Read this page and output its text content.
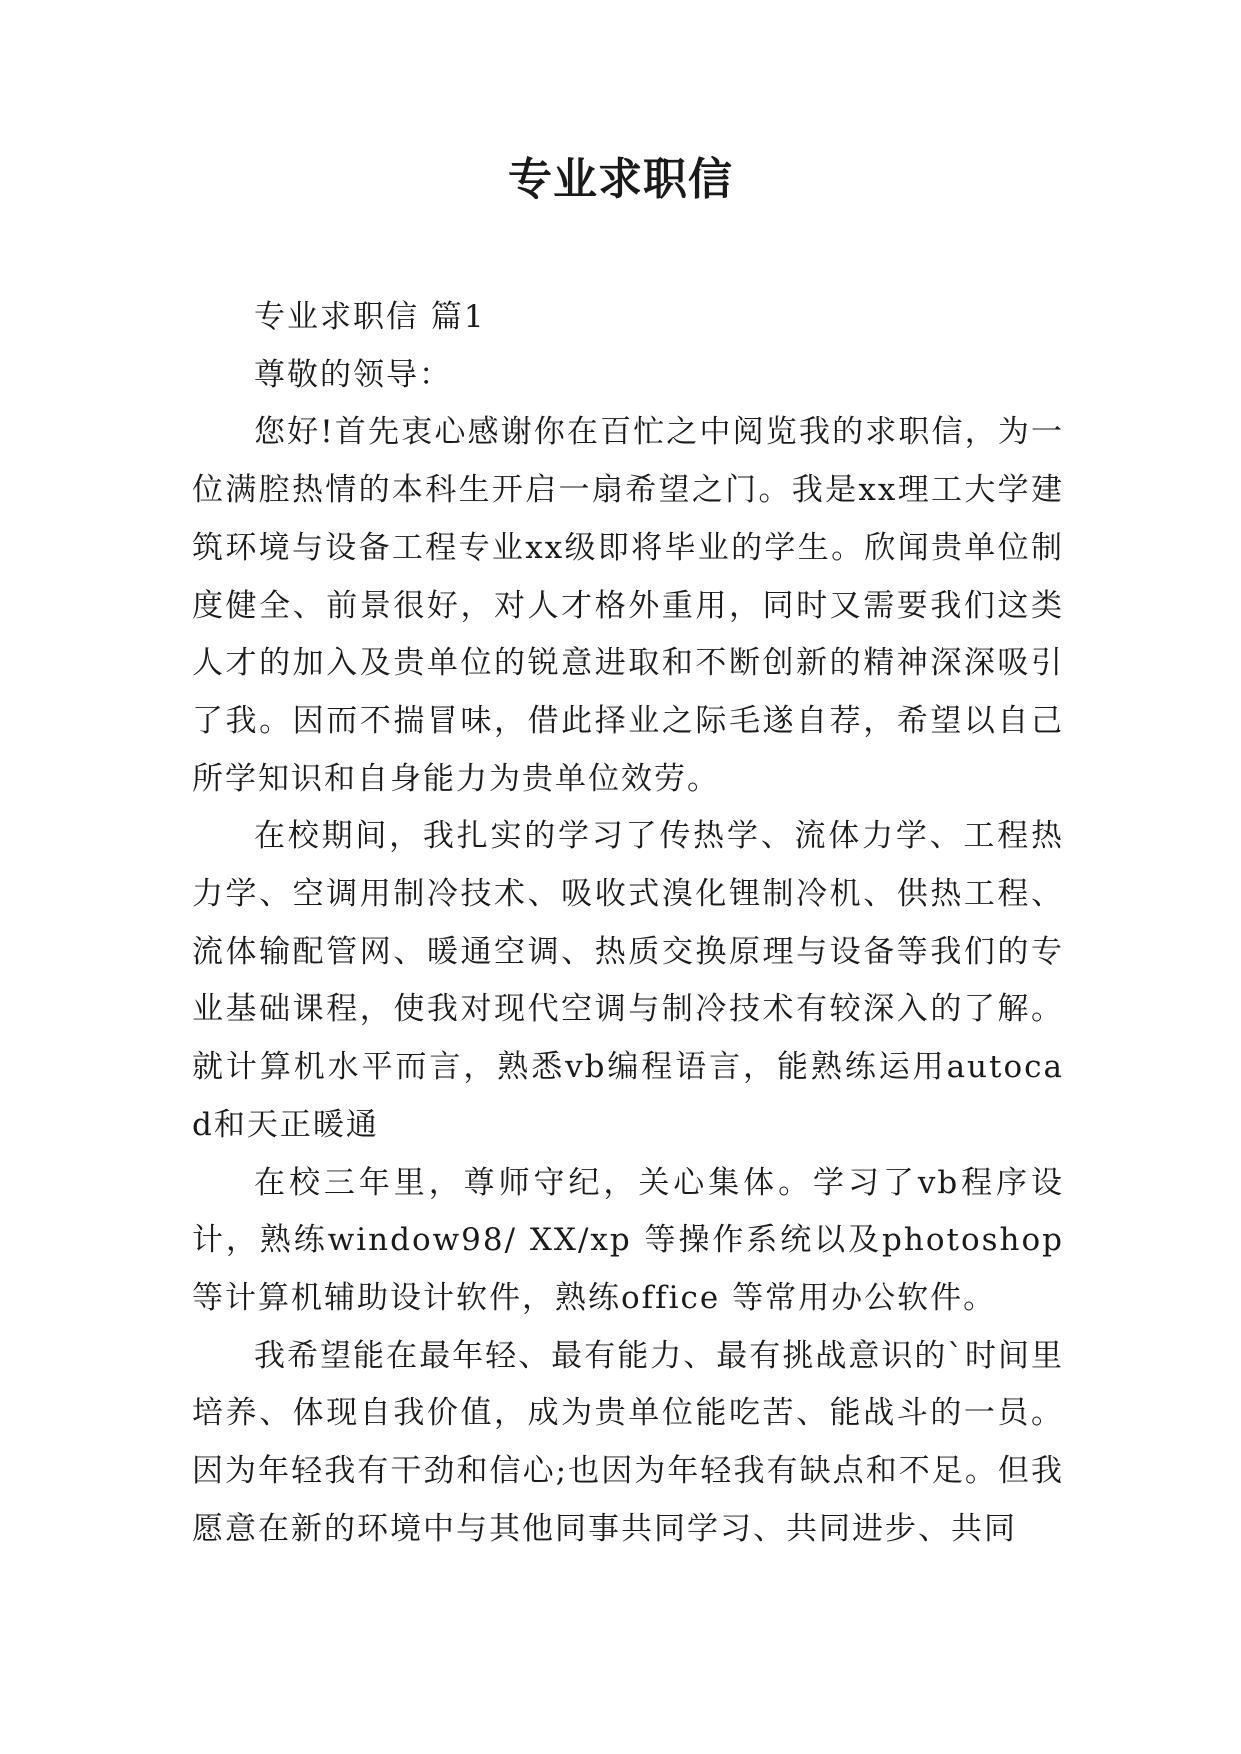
专业求职信

专业求职信 篇1

尊敬的领导：

您好!首先衷心感谢你在百忙之中阅览我的求职信，为一位满腔热情的本科生开启一扇希望之门。我是xx理工大学建筑环境与设备工程专业xx级即将毕业的学生。欣闻贵单位制度健全、前景很好，对人才格外重用，同时又需要我们这类人才的加入及贵单位的锐意进取和不断创新的精神深深吸引了我。因而不揣冒味，借此择业之际毛遂自荐，希望以自己所学知识和自身能力为贵单位效劳。

在校期间，我扎实的学习了传热学、流体力学、工程热力学、空调用制冷技术、吸收式溴化锂制冷机、供热工程、流体输配管网、暖通空调、热质交换原理与设备等我们的专业基础课程，使我对现代空调与制冷技术有较深入的了解。就计算机水平而言，熟悉vb编程语言，能熟练运用autocad和天正暖通

在校三年里，尊师守纪，关心集体。学习了vb程序设计，熟练window98/ XX/xp 等操作系统以及photoshop 等计算机辅助设计软件，熟练office 等常用办公软件。

我希望能在最年轻、最有能力、最有挑战意识的`时间里培养、体现自我价值，成为贵单位能吃苦、能战斗的一员。因为年轻我有干劲和信心;也因为年轻我有缺点和不足。但我愿意在新的环境中与其他同事共同学习、共同进步、共同
